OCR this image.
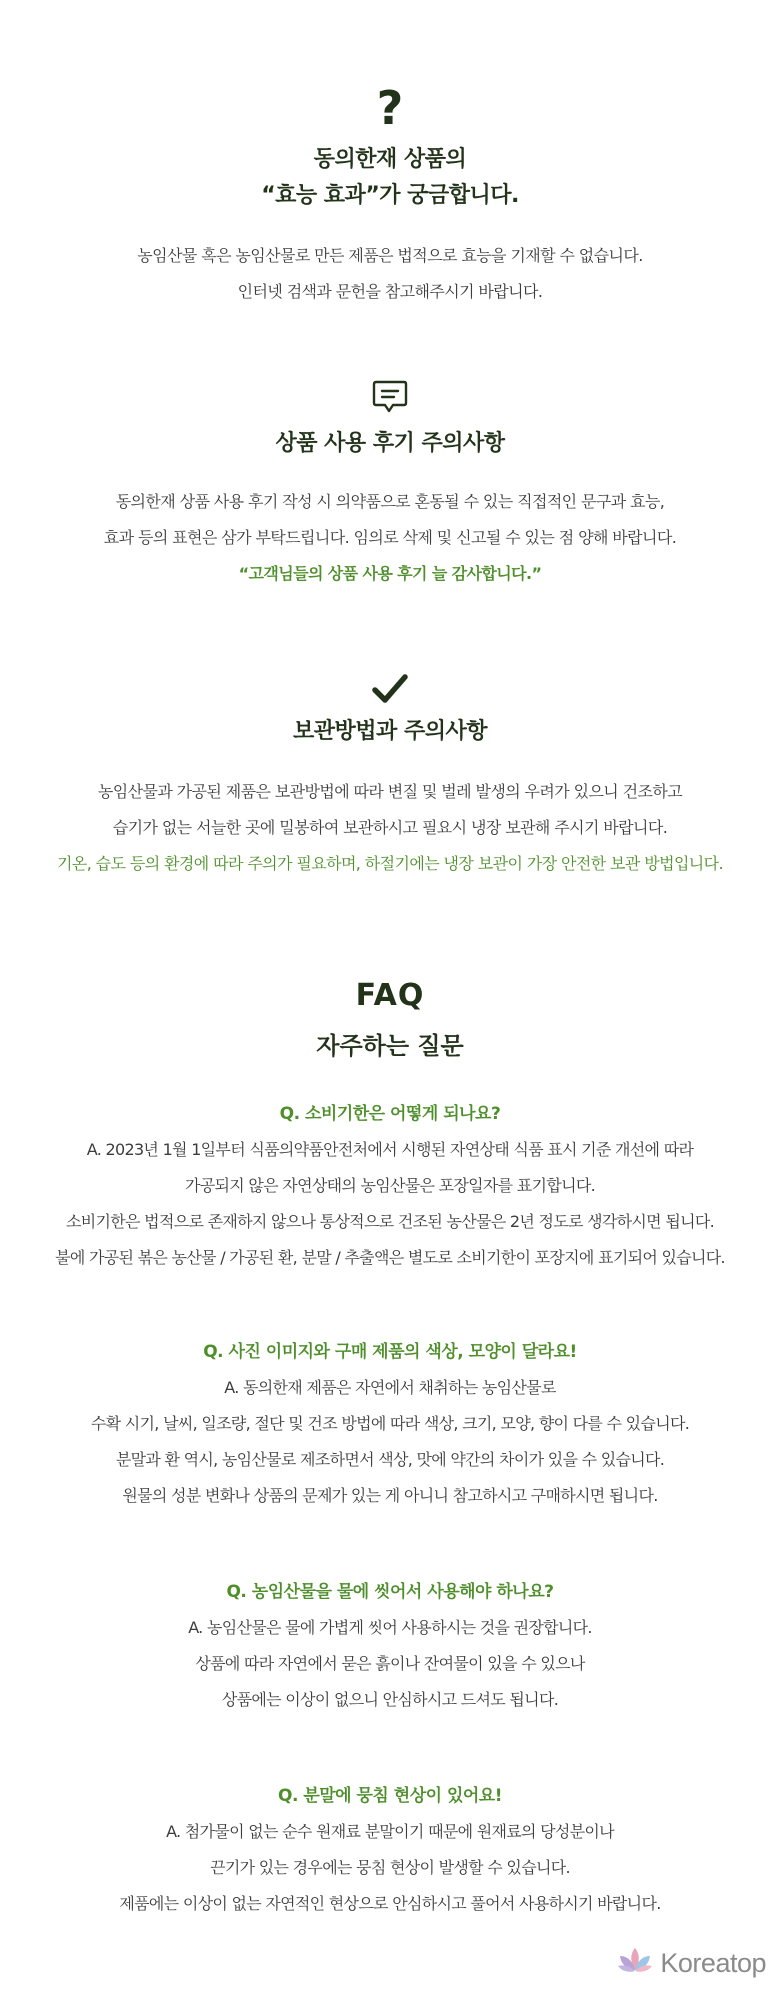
?
동의한재 상품의
“효능 효과”가 궁금합니다.
농임산물 혹은 농임산물로 만든 제품은 법적으로 효능을 기재할 수 없습니다.
인터넷 검색과 문헌을 참고해주시기 바랍니다.
상품 사용 후기 주의사항
동의한재 상품 사용 후기 작성 시 의약품으로 혼동될 수 있는 직접적인 문구과 효능,
효과 등의 표현은 삼가 부탁드립니다. 임의로 삭제 및 신고될 수 있는 점 양해 바랍니다.
“고객님들의 상품 사용 후기 늘 감사합니다.”
보관방법과 주의사항
농임산물과 가공된 제품은 보관방법에 따라 변질 및 벌레 발생의 우려가 있으니 건조하고
습기가 없는 서늘한 곳에 밀봉하여 보관하시고 필요시 냉장 보관해 주시기 바랍니다.
기온, 습도 등의 환경에 따라 주의가 필요하며, 하절기에는 냉장 보관이 가장 안전한 보관 방법입니다.
FAQ
자주하는 질문
Q. 소비기한은 어떻게 되나요?
A. 2023년 1월 1일부터 식품의약품안전처에서 시행된 자연상태 식품 표시 기준 개선에 따라
가공되지 않은 자연상태의 농임산물은 포장일자를 표기합니다.
소비기한은 법적으로 존재하지 않으나 통상적으로 건조된 농산물은 2년 정도로 생각하시면 됩니다.
불에 가공된 볶은 농산물 / 가공된 환, 분말 / 추출액은 별도로 소비기한이 포장지에 표기되어 있습니다.
Q. 사진 이미지와 구매 제품의 색상, 모양이 달라요!
A. 동의한재 제품은 자연에서 채취하는 농임산물로
수확 시기, 날씨, 일조량, 절단 및 건조 방법에 따라 색상, 크기, 모양, 향이 다를 수 있습니다.
분말과 환 역시, 농임산물로 제조하면서 색상, 맛에 약간의 차이가 있을 수 있습니다.
원물의 성분 변화나 상품의 문제가 있는 게 아니니 참고하시고 구매하시면 됩니다.
Q. 농임산물을 물에 씻어서 사용해야 하나요?
A. 농임산물은 물에 가볍게 씻어 사용하시는 것을 권장합니다.
상품에 따라 자연에서 묻은 흙이나 잔여물이 있을 수 있으나
상품에는 이상이 없으니 안심하시고 드셔도 됩니다.
Q. 분말에 뭉침 현상이 있어요!
A. 첨가물이 없는 순수 원재료 분말이기 때문에 원재료의 당성분이나
끈기가 있는 경우에는 뭉침 현상이 발생할 수 있습니다.
제품에는 이상이 없는 자연적인 현상으로 안심하시고 풀어서 사용하시기 바랍니다.
Koreatop
